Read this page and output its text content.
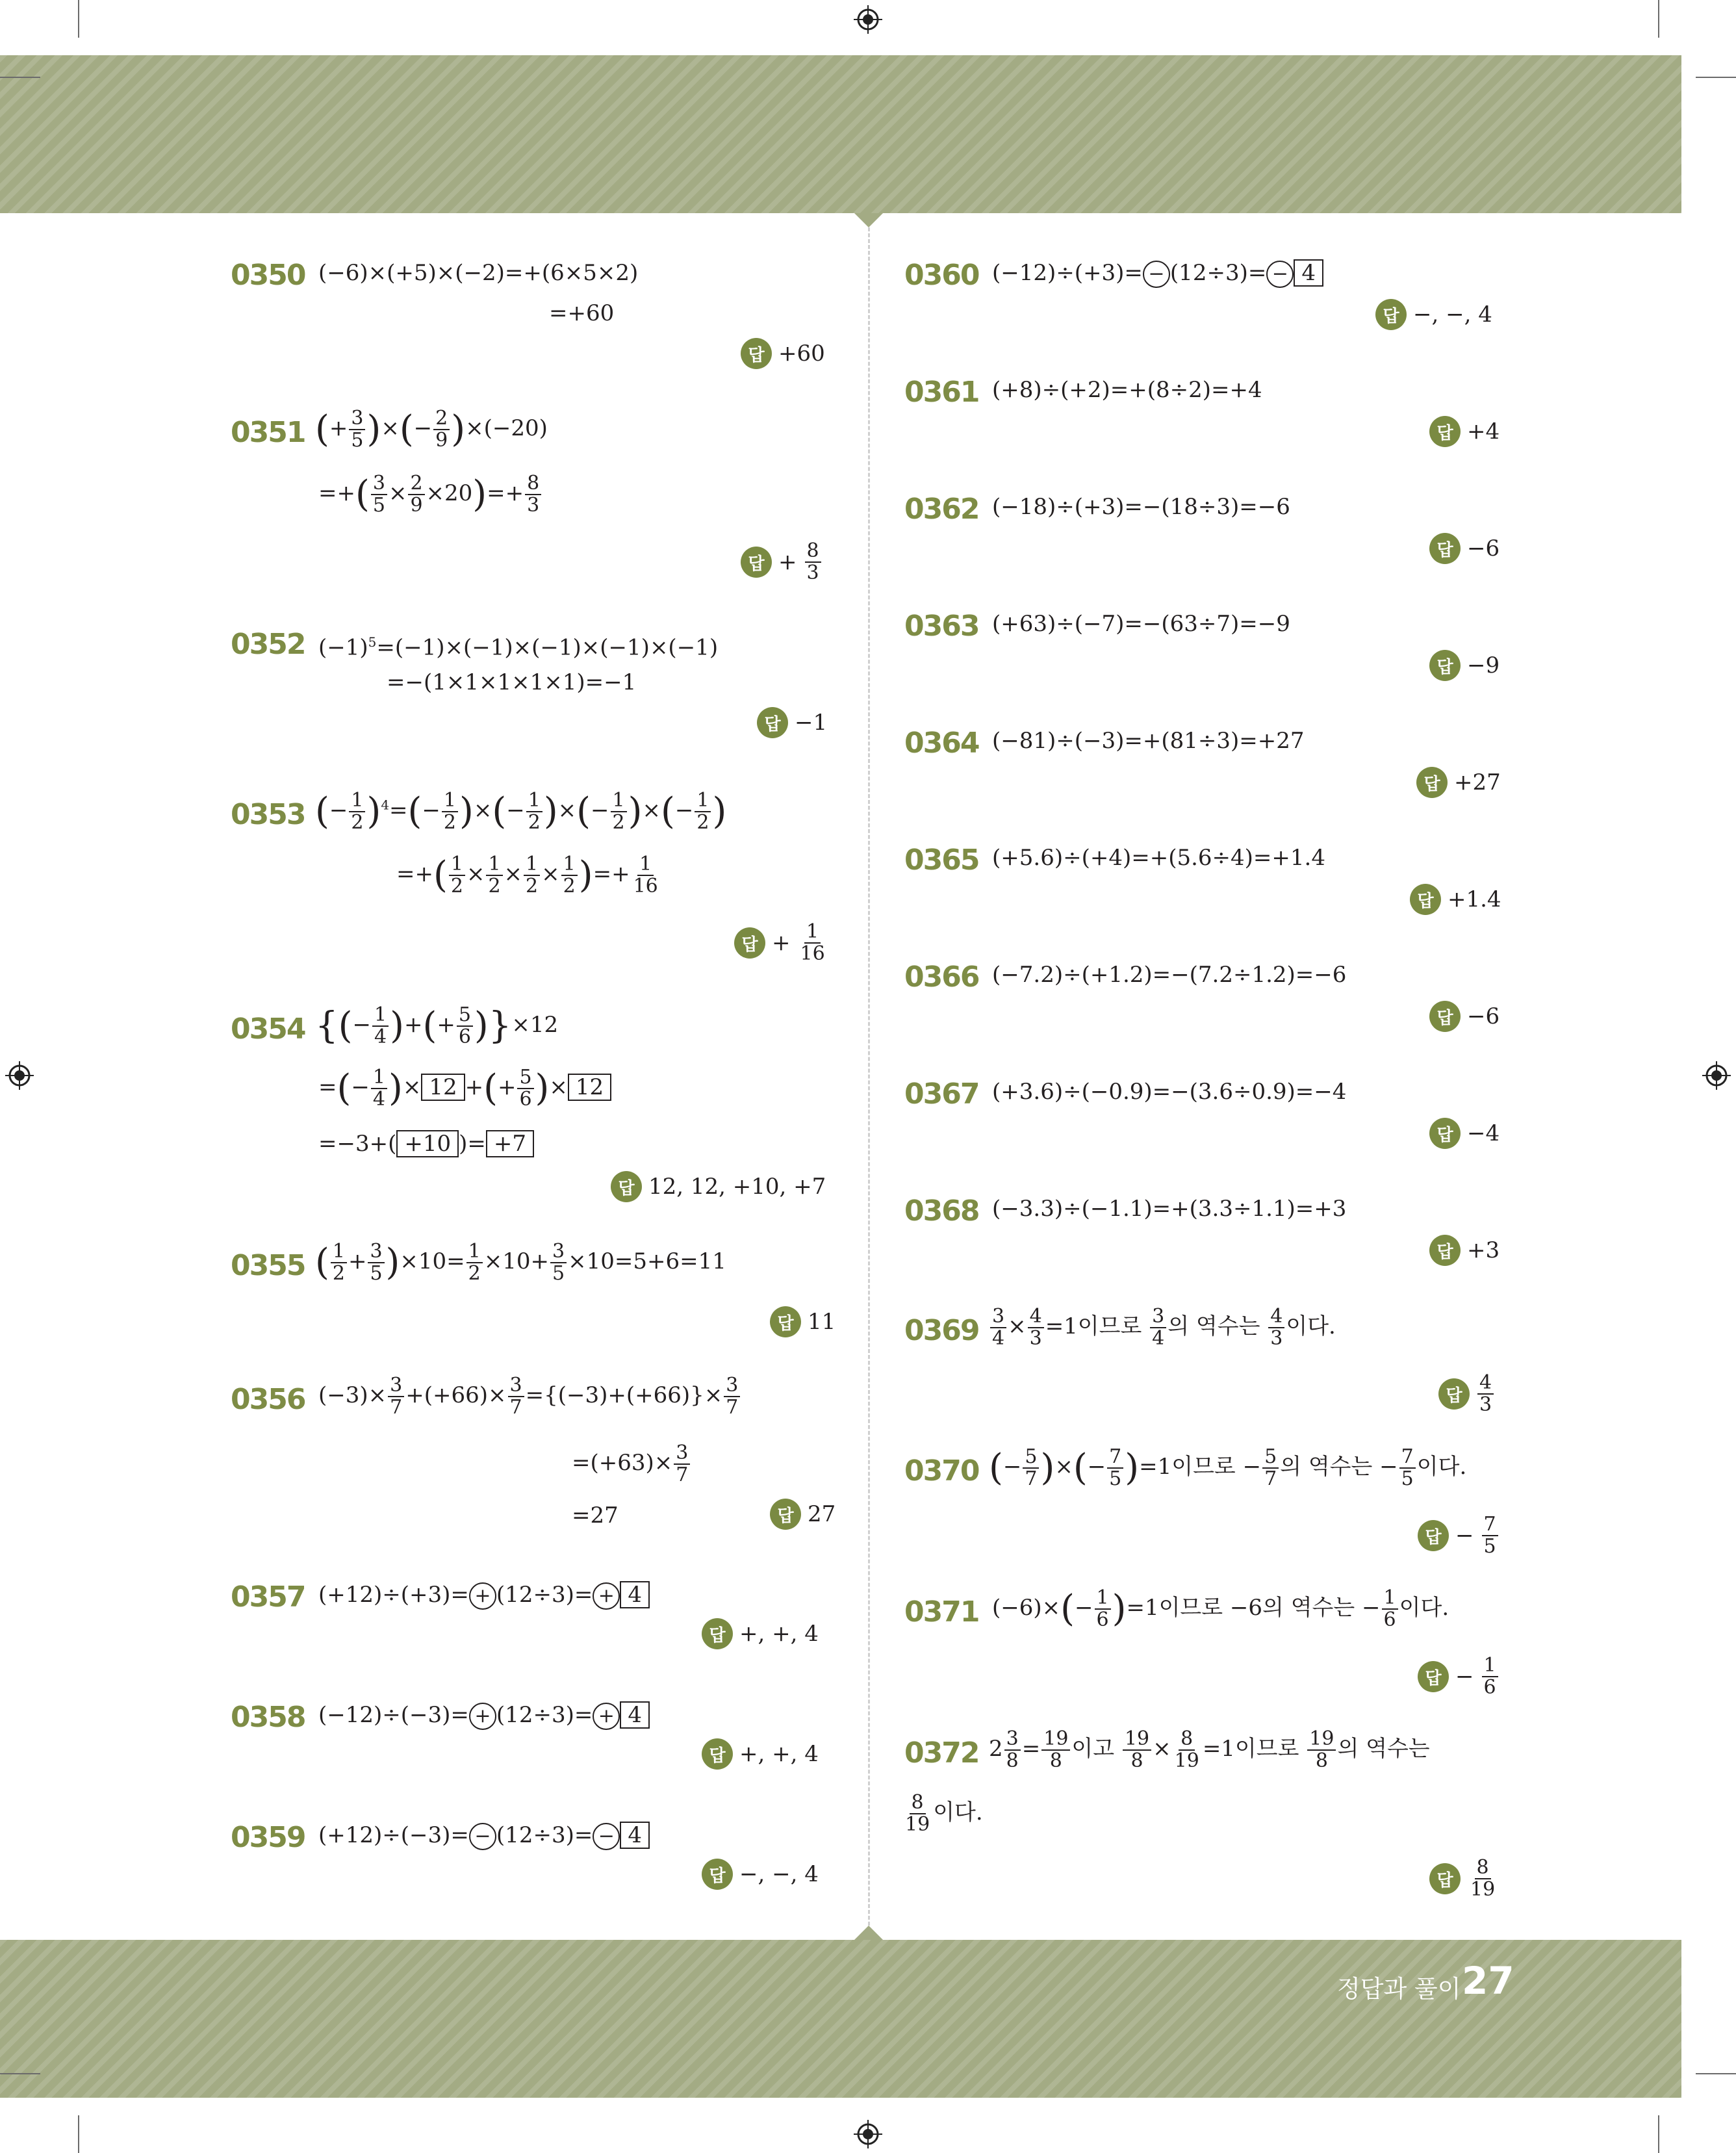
정답과 풀이 27
0350 (−6)×(+5)×(−2)=+(6×5×2)
=+60
답 +60
0351 (+ $\frac{3}{5}$ )×(− $\frac{2}{9} )\times(-20)$
=+( $\frac{3}{5} \times \frac{2}{9} \times 20)=+ \frac{8}{3}$
답 + $\frac{8}{3}$
0352 $(-1)^5=(-1)\times(-1)\times(-1)\times(-1)\times(-1)$
=−(1×1×1×1×1)=−1
답 −1
0353 (− $\frac{1}{2} )^4=(- \frac{1}{2}$ )×(− $\frac{1}{2}$ )×(− $\frac{1}{2}$ )×(− $\frac{1}{2}$ )
=+( $\frac{1}{2} \times \frac{1}{2} \times \frac{1}{2} \times \frac{1}{2}$ )=+ $\frac{1}{16}$
답 + $\frac{1}{16}$
0354 {(− $\frac{1}{4}$ )+(+ $\frac{5}{6} )\}\times 12$
=(− $\frac{1}{4}$ )× 12 +(+ $\frac{5}{6}$ )× 12
=−3+( +10 )= +7
답 12, 12, +10, +7
0355 ( $\frac{1}{2} + \frac{3}{5} )\times 10= \frac{1}{2} \times 10+ \frac{3}{5} \times 10=5+6=11$
답 11
0356 $(-3)\times \frac{3}{7} +(+66)\times \frac{3}{7} =\{(-3)+(+66)\}\times \frac{3}{7}$
$=(+63)\times \frac{3}{7}$
=27	답 27
0357 (+12)÷(+3)= + (12÷3)= + 4
답 +, +, 4
0358 (−12)÷(−3)= + (12÷3)= + 4
답 +, +, 4
0359 (+12)÷(−3)= − (12÷3)= − 4
답 −, −, 4
0360 (−12)÷(+3)= − (12÷3)= − 4
답 −, −, 4
0361 (+8)÷(+2)=+(8÷2)=+4
답 +4
0362 (−18)÷(+3)=−(18÷3)=−6
답 −6
0363 (+63)÷(−7)=−(63÷7)=−9
답 −9
0364 (−81)÷(−3)=+(81÷3)=+27
답 +27
0365 (+5.6)÷(+4)=+(5.6÷4)=+1.4
답 +1.4
0366 (−7.2)÷(+1.2)=−(7.2÷1.2)=−6
답 −6
0367 (+3.6)÷(−0.9)=−(3.6÷0.9)=−4
답 −4
0368 (−3.3)÷(−1.1)=+(3.3÷1.1)=+3
답 +3
$0369 \frac{3}{4} \times \frac{4}{3} =1$이므로 $\frac{3}{4}$ 의 역수는 $\frac{4}{3}$ 이다.
답 $\frac{4}{3}$
0370 (− $\frac{5}{7}$ )×(− $\frac{7}{5} )=1$이므로 − $\frac{5}{7}$ 의 역수는 − $\frac{7}{5}$ 이다.
답 − $\frac{7}{5}$
0371 $(-6)\times(- \frac{1}{6} )=1$이므로 −6의 역수는 − $\frac{1}{6}$ 이다.
답 − $\frac{1}{6}$
0372 $2 \frac{3}{8} = \frac{19}{8}$ 이고 $\frac{19}{8} \times \frac{8}{19} =1$이므로 $\frac{19}{8}$ 의 역수는
$\frac{8}{19}$ 이다.
답 $\frac{8}{19}$
